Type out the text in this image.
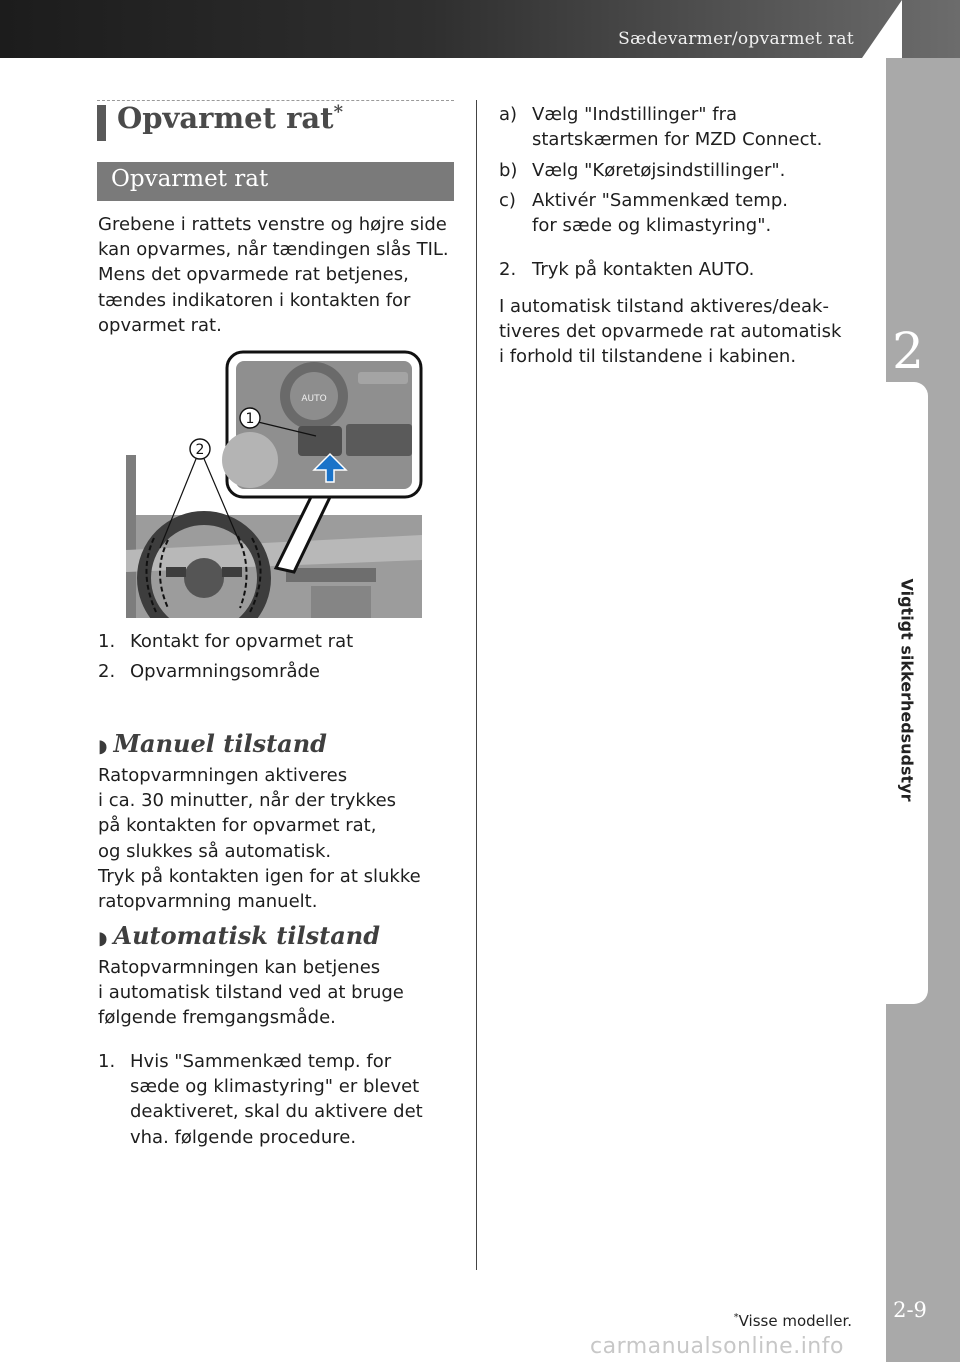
Sædevarmer/opvarmet rat
2
Vigtigt sikkerhedsudstyr
2-9
Opvarmet rat*
Opvarmet rat
Grebene i rattets venstre og højre side
kan opvarmes, når tændingen slås TIL.
Mens det opvarmede rat betjenes,
tændes indikatoren i kontakten for
opvarmet rat.
2
AUTO
1
1. Kontakt for opvarmet rat
2. Opvarmningsområde
◗ Manuel tilstand
Ratopvarmningen aktiveres
i ca. 30 minutter, når der trykkes
på kontakten for opvarmet rat,
og slukkes så automatisk.
Tryk på kontakten igen for at slukke
ratopvarmning manuelt.
◗ Automatisk tilstand
Ratopvarmningen kan betjenes
i automatisk tilstand ved at bruge
følgende fremgangsmåde.
1. Hvis "Sammenkæd temp. for
sæde og klimastyring" er blevet
deaktiveret, skal du aktivere det
vha. følgende procedure.
a) Vælg "Indstillinger" fra
startskærmen for MZD Connect.
b) Vælg "Køretøjsindstillinger".
c) Aktivér "Sammenkæd temp.
for sæde og klimastyring".
2. Tryk på kontakten AUTO.
I automatisk tilstand aktiveres/deak-
tiveres det opvarmede rat automatisk
i forhold til tilstandene i kabinen.
*Visse modeller.
carmanualsonline.info
